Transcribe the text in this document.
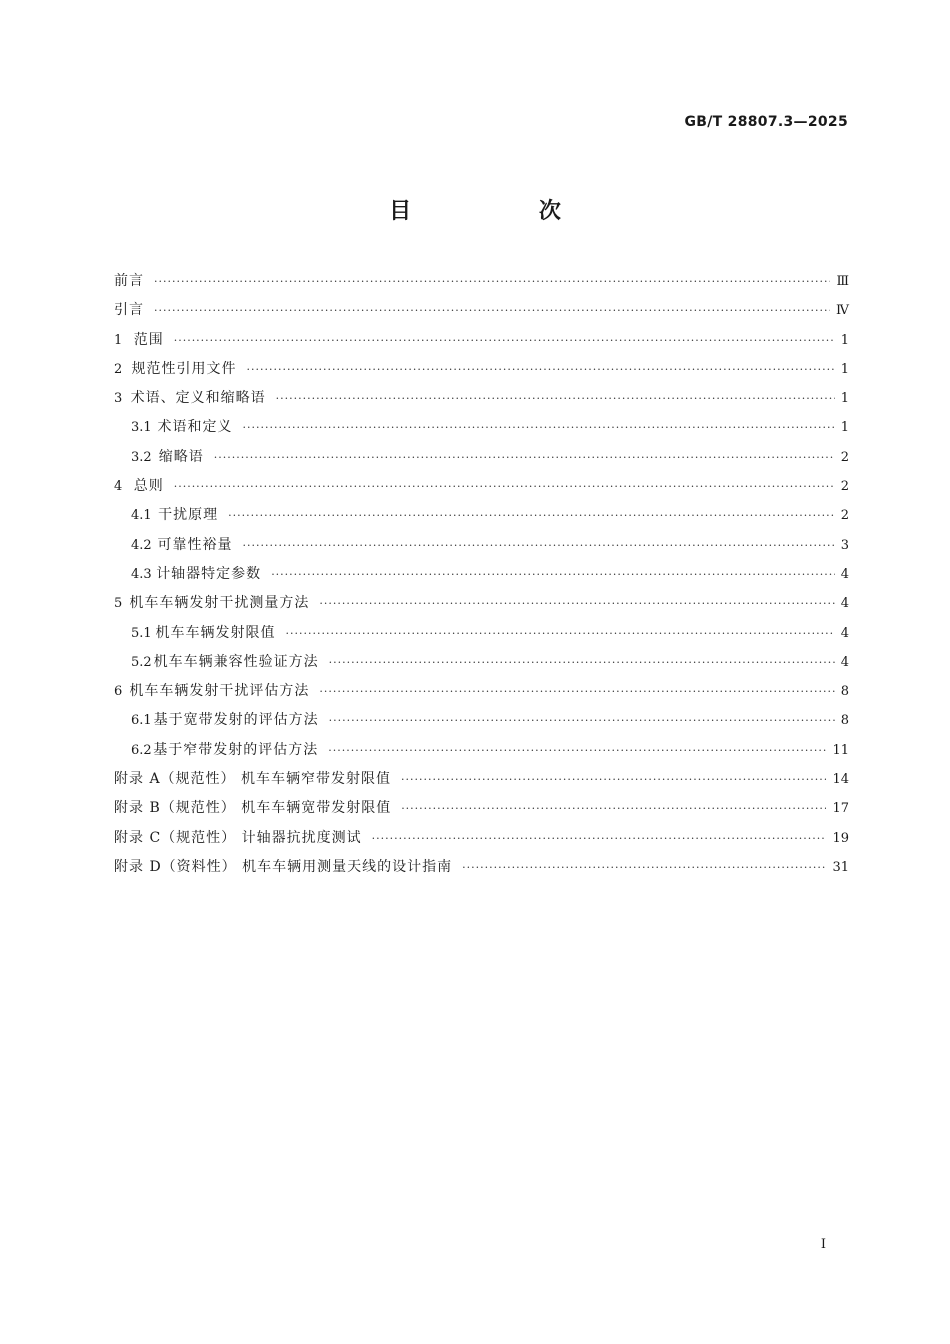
GB/T 28807.3—2025
目 次
前言 ·····	Ⅲ
引言 ·····	Ⅳ
1 范围 ·····	1
2 规范性引用文件 ·····	1
3 术语、定义和缩略语 ·····	1
3.1 术语和定义 ·····	1
3.2 缩略语 ·····	2
4 总则 ·····	2
4.1 干扰原理 ·····	2
4.2 可靠性裕量 ·····	3
4.3 计轴器特定参数 ·····	4
5 机车车辆发射干扰测量方法 ·····	4
5.1 机车车辆发射限值 ·····	4
5.2 机车车辆兼容性验证方法 ·····	4
6 机车车辆发射干扰评估方法 ·····	8
6.1 基于宽带发射的评估方法 ·····	8
6.2 基于窄带发射的评估方法 ·····	11
附录 A（规范性） 机车车辆窄带发射限值 ·····	14
附录 B（规范性） 机车车辆宽带发射限值 ·····	17
附录 C（规范性） 计轴器抗扰度测试 ·····	19
附录 D（资料性） 机车车辆用测量天线的设计指南 ·····	31
I
